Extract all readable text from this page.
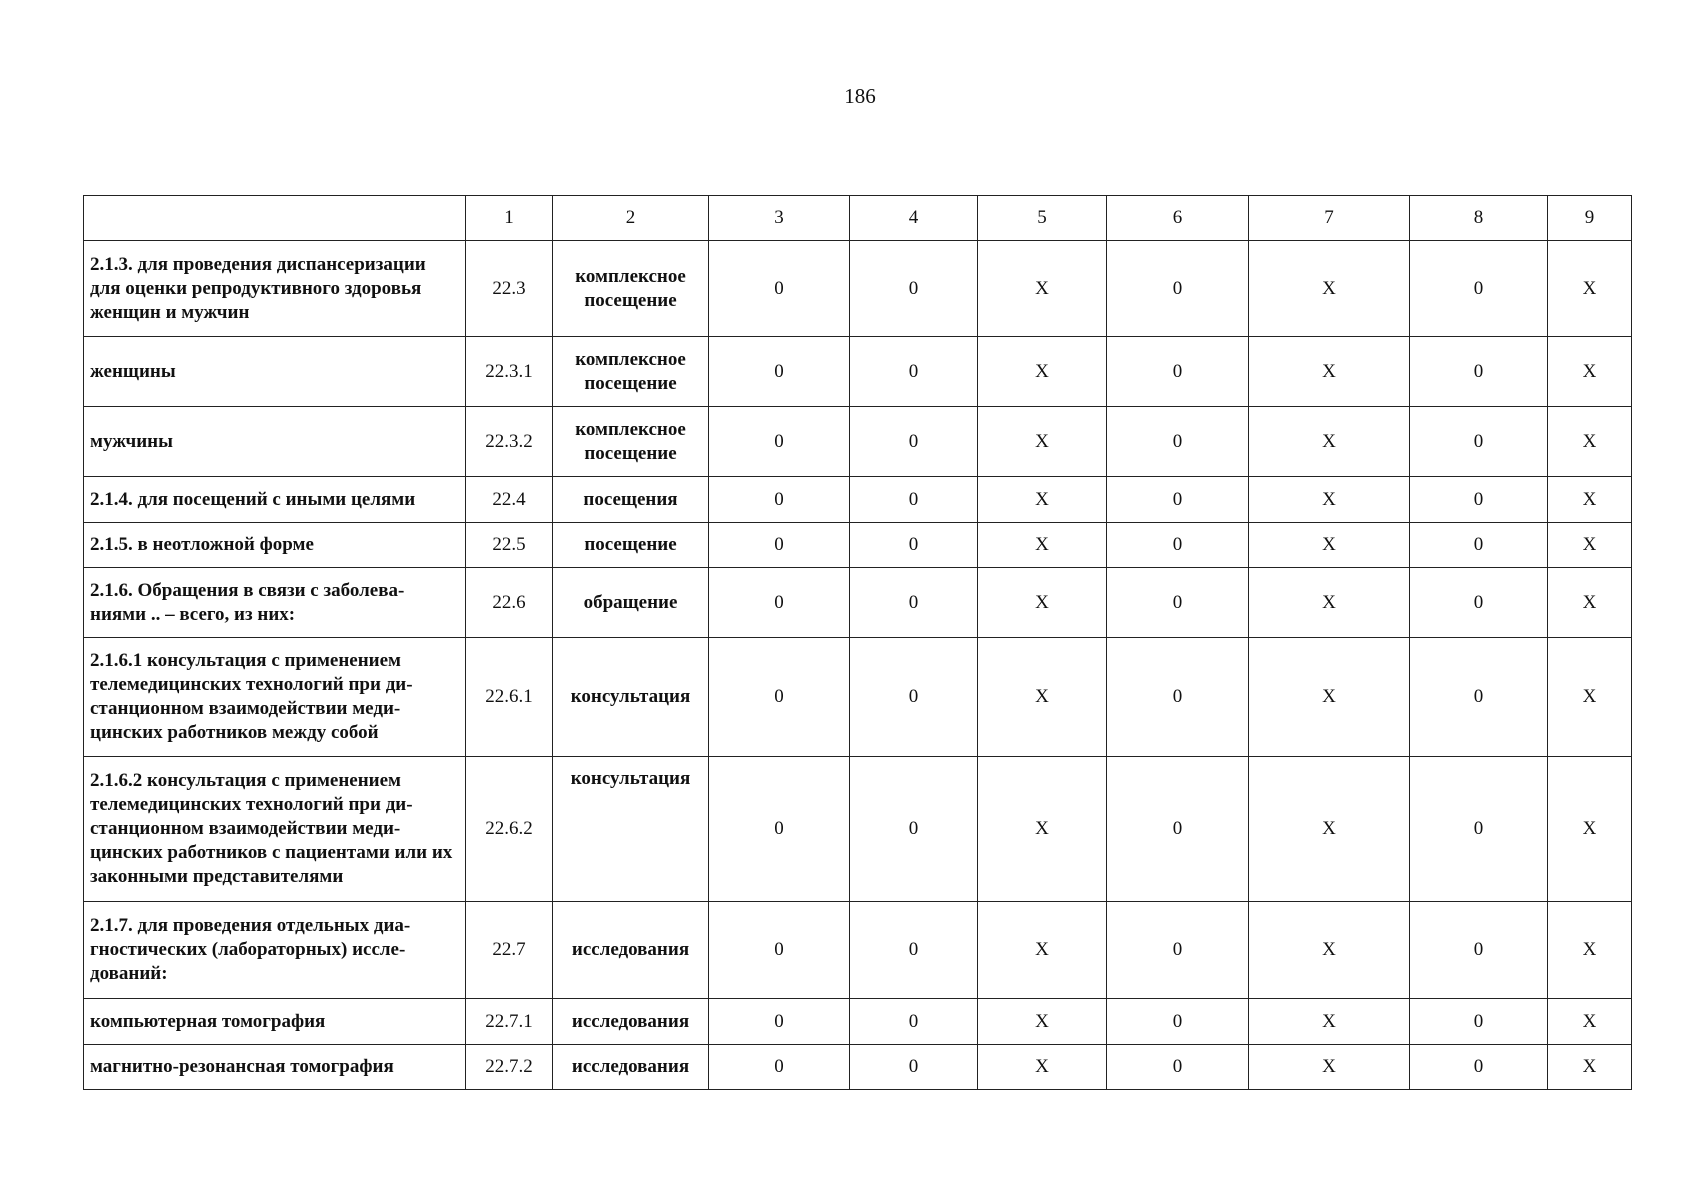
186
	1	2	3	4	5	6	7	8	9
2.1.3. для проведения диспансеризации для оценки репродуктивного здоровья женщин и мужчин	22.3	комплексное посещение	0	0	Х	0	Х	0	Х
женщины	22.3.1	комплексное посещение	0	0	Х	0	Х	0	Х
мужчины	22.3.2	комплексное посещение	0	0	Х	0	Х	0	Х
2.1.4. для посещений с иными целями	22.4	посещения	0	0	Х	0	Х	0	Х
2.1.5. в неотложной форме	22.5	посещение	0	0	Х	0	Х	0	Х
2.1.6. Обращения в связи с заболева-ниями .. – всего, из них:	22.6	обращение	0	0	Х	0	Х	0	Х
2.1.6.1 консультация с применением телемедицинских технологий при ди-станционном взаимодействии меди-цинских работников между собой	22.6.1	консультация	0	0	Х	0	Х	0	Х
2.1.6.2 консультация с применением телемедицинских технологий при ди-станционном взаимодействии меди-цинских работников с пациентами или их законными представителями	22.6.2	консультация	0	0	Х	0	Х	0	Х
2.1.7. для проведения отдельных диа-гностических (лабораторных) иссле-дований:	22.7	исследования	0	0	Х	0	Х	0	Х
компьютерная томография	22.7.1	исследования	0	0	Х	0	Х	0	Х
магнитно-резонансная томография	22.7.2	исследования	0	0	Х	0	Х	0	Х
